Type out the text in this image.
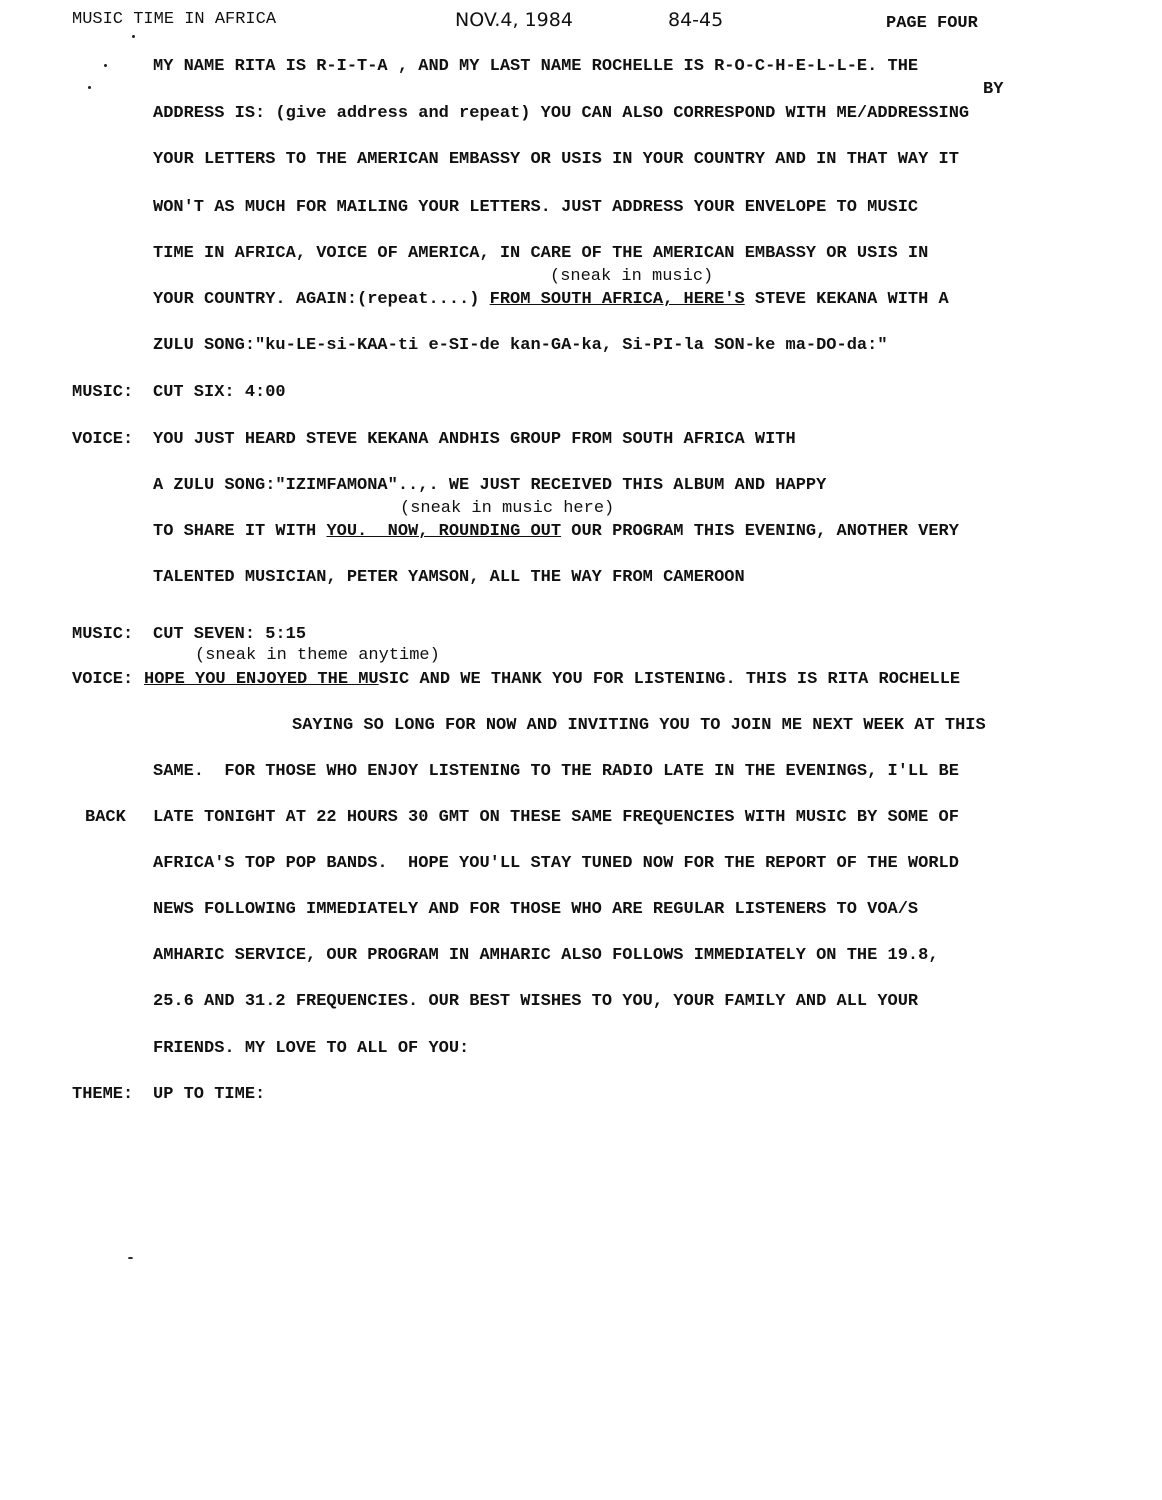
MUSIC TIME IN AFRICA	NOV.4, 1984	84-45	PAGE FOUR
MY NAME RITA IS R-I-T-A , AND MY LAST NAME ROCHELLE IS R-O-C-H-E-L-L-E. THE
BY
ADDRESS IS: (give address and repeat) YOU CAN ALSO CORRESPOND WITH ME/ADDRESSING
YOUR LETTERS TO THE AMERICAN EMBASSY OR USIS IN YOUR COUNTRY AND IN THAT WAY IT
WON'T AS MUCH FOR MAILING YOUR LETTERS. JUST ADDRESS YOUR ENVELOPE TO MUSIC
TIME IN AFRICA, VOICE OF AMERICA, IN CARE OF THE AMERICAN EMBASSY OR USIS IN
(sneak in music)
YOUR COUNTRY. AGAIN:(repeat....) FROM SOUTH AFRICA, HERE'S STEVE KEKANA WITH A
ZULU SONG:"ku-LE-si-KAA-ti e-SI-de kan-GA-ka, Si-PI-la SON-ke ma-DO-da:"
MUSIC: CUT SIX: 4:00
VOICE: YOU JUST HEARD STEVE KEKANA ANDHIS GROUP FROM SOUTH AFRICA WITH
A ZULU SONG:"IZIMFAMONA"..,. WE JUST RECEIVED THIS ALBUM AND HAPPY
(sneak in music here)
TO SHARE IT WITH YOU.  NOW, ROUNDING OUT OUR PROGRAM THIS EVENING, ANOTHER VERY
TALENTED MUSICIAN, PETER YAMSON, ALL THE WAY FROM CAMEROON
MUSIC: CUT SEVEN: 5:15
(sneak in theme anytime)
VOICE: HOPE YOU ENJOYED THE MUSIC AND WE THANK YOU FOR LISTENING. THIS IS RITA ROCHELLE
SAYING SO LONG FOR NOW AND INVITING YOU TO JOIN ME NEXT WEEK AT THIS
SAME.  FOR THOSE WHO ENJOY LISTENING TO THE RADIO LATE IN THE EVENINGS, I'LL BE
BACK LATE TONIGHT AT 22 HOURS 30 GMT ON THESE SAME FREQUENCIES WITH MUSIC BY SOME OF
AFRICA'S TOP POP BANDS.  HOPE YOU'LL STAY TUNED NOW FOR THE REPORT OF THE WORLD
NEWS FOLLOWING IMMEDIATELY AND FOR THOSE WHO ARE REGULAR LISTENERS TO VOA/S
AMHARIC SERVICE, OUR PROGRAM IN AMHARIC ALSO FOLLOWS IMMEDIATELY ON THE 19.8,
25.6 AND 31.2 FREQUENCIES. OUR BEST WISHES TO YOU, YOUR FAMILY AND ALL YOUR
FRIENDS. MY LOVE TO ALL OF YOU:
THEME: UP TO TIME:
